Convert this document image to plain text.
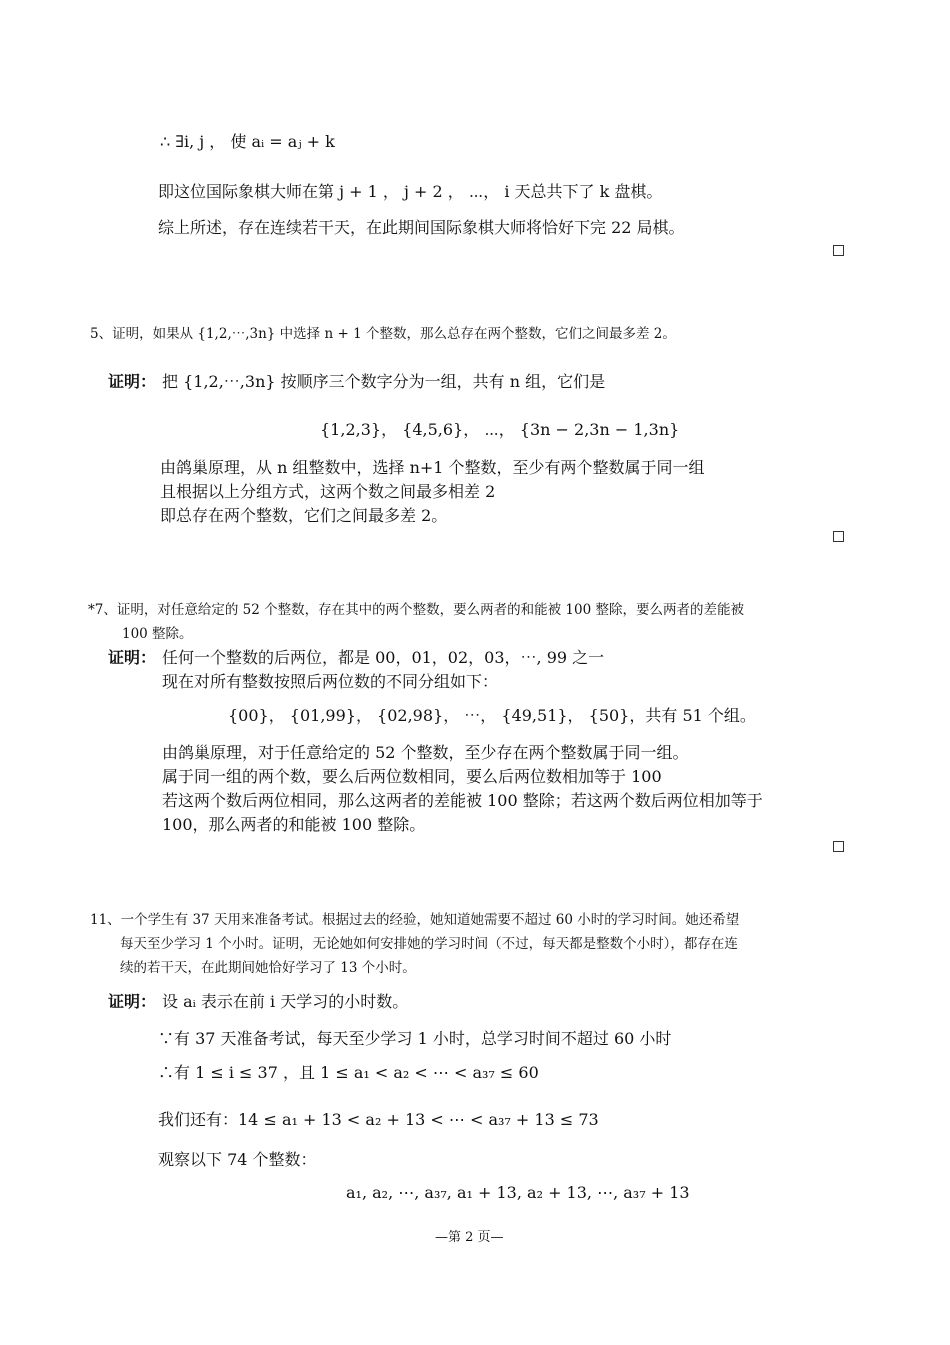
∴ ∃i, j ， 使 aᵢ = aⱼ + k
即这位国际象棋大师在第 j + 1 ， j + 2 ， ⋯， i 天总共下了 k 盘棋。
综上所述，存在连续若干天，在此期间国际象棋大师将恰好下完 22 局棋。
5、证明，如果从 {1,2,⋯,3n} 中选择 n + 1 个整数，那么总存在两个整数，它们之间最多差 2。
证明： 把 {1,2,⋯,3n} 按顺序三个数字分为一组，共有 n 组，它们是
{1,2,3}， {4,5,6}， ⋯， {3n − 2,3n − 1,3n}
由鸽巢原理，从 n 组整数中，选择 n+1 个整数，至少有两个整数属于同一组
且根据以上分组方式，这两个数之间最多相差 2
即总存在两个整数，它们之间最多差 2。
*7、证明，对任意给定的 52 个整数，存在其中的两个整数，要么两者的和能被 100 整除，要么两者的差能被
100 整除。
证明： 任何一个整数的后两位，都是 00，01，02，03，⋯, 99 之一
现在对所有整数按照后两位数的不同分组如下：
{00}， {01,99}， {02,98}， ⋯， {49,51}， {50}，共有 51 个组。
由鸽巢原理，对于任意给定的 52 个整数，至少存在两个整数属于同一组。
属于同一组的两个数，要么后两位数相同，要么后两位数相加等于 100
若这两个数后两位相同，那么这两者的差能被 100 整除；若这两个数后两位相加等于
100，那么两者的和能被 100 整除。
11、一个学生有 37 天用来准备考试。根据过去的经验，她知道她需要不超过 60 小时的学习时间。她还希望
每天至少学习 1 个小时。证明，无论她如何安排她的学习时间（不过，每天都是整数个小时），都存在连
续的若干天，在此期间她恰好学习了 13 个小时。
证明： 设 aᵢ 表示在前 i 天学习的小时数。
∵有 37 天准备考试，每天至少学习 1 小时，总学习时间不超过 60 小时
∴有 1 ≤ i ≤ 37 ，且 1 ≤ a₁ < a₂ < ⋯ < a₃₇ ≤ 60
我们还有：14 ≤ a₁ + 13 < a₂ + 13 < ⋯ < a₃₇ + 13 ≤ 73
观察以下 74 个整数：
a₁, a₂, ⋯, a₃₇, a₁ + 13, a₂ + 13, ⋯, a₃₇ + 13
—第 2 页—
